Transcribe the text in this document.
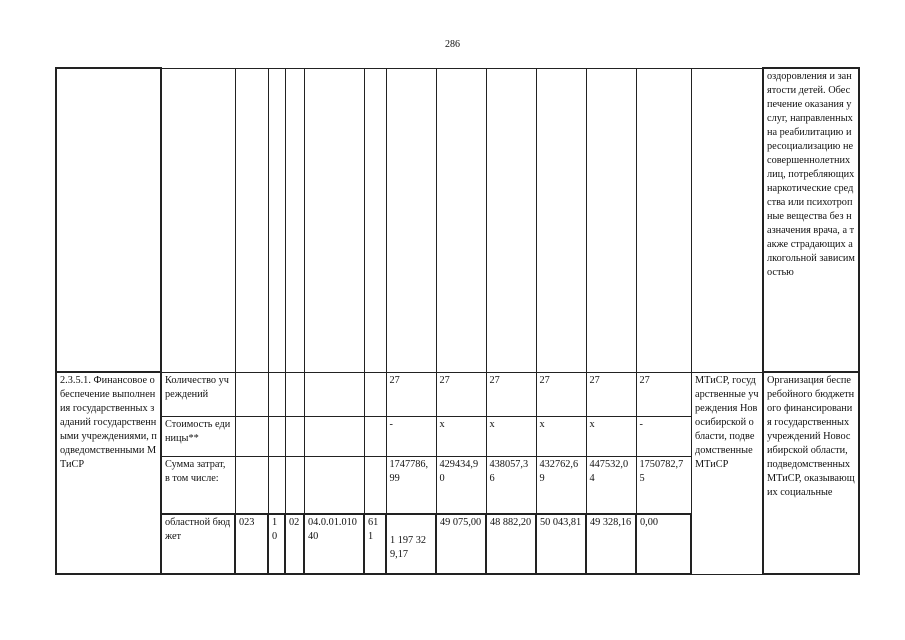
286
														оздоровления и занятости детей. Обеспечение оказания услуг, направленных на реабилитацию и ресоциализацию несовершеннолетних лиц, потребляющих наркотические средства или психотропные вещества без назначения врача, а также страдающих алкогольной зависимостью
2.3.5.1. Финансовое обеспечение выполнения государственных заданий государственными учреждениями, подведомственными МТиСР	Количество учреждений						27	27	27	27	27	27	МТиСР, государственные учреждения Новосибирской области, подведомственные МТиСР	Организация бесперебойного бюджетного финансирования государственных учреждений Новосибирской области, подведомственных МТиСР, оказывающих социальные
	Стоимость единицы**						-	x	x	x	x	-		
	Сумма затрат, в том числе:						1747786,99	429434,90	438057,36	432762,69	447532,04	1750782,75		
	областной бюджет	023	10	02	04.0.01.01040	611	1 197 329,17	49 075,00	48 882,20	50 043,81	49 328,16	0,00		
